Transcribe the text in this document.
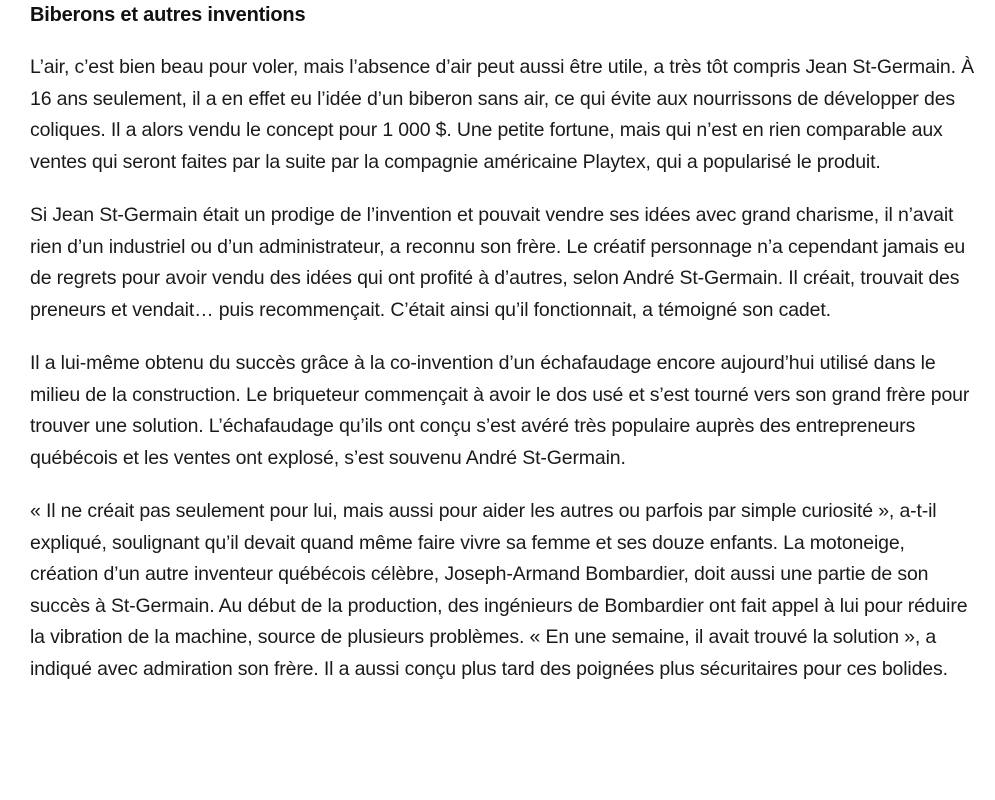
Biberons et autres inventions

L’air, c’est bien beau pour voler, mais l’absence d’air peut aussi être utile, a très tôt compris Jean St-Germain. À 16 ans seulement, il a en effet eu l’idée d’un biberon sans air, ce qui évite aux nourrissons de développer des coliques. Il a alors vendu le concept pour 1 000 $. Une petite fortune, mais qui n’est en rien comparable aux ventes qui seront faites par la suite par la compagnie américaine Playtex, qui a popularisé le produit.

Si Jean St-Germain était un prodige de l’invention et pouvait vendre ses idées avec grand charisme, il n’avait rien d’un industriel ou d’un administrateur, a reconnu son frère. Le créatif personnage n’a cependant jamais eu de regrets pour avoir vendu des idées qui ont profité à d’autres, selon André St-Germain. Il créait, trouvait des preneurs et vendait… puis recommençait. C’était ainsi qu’il fonctionnait, a témoigné son cadet.

Il a lui-même obtenu du succès grâce à la co-invention d’un échafaudage encore aujourd’hui utilisé dans le milieu de la construction. Le briqueteur commençait à avoir le dos usé et s’est tourné vers son grand frère pour trouver une solution. L’échafaudage qu’ils ont conçu s’est avéré très populaire auprès des entrepreneurs québécois et les ventes ont explosé, s’est souvenu André St-Germain.

« Il ne créait pas seulement pour lui, mais aussi pour aider les autres ou parfois par simple curiosité », a-t-il expliqué, soulignant qu’il devait quand même faire vivre sa femme et ses douze enfants. La motoneige, création d’un autre inventeur québécois célèbre, Joseph-Armand Bombardier, doit aussi une partie de son succès à St-Germain. Au début de la production, des ingénieurs de Bombardier ont fait appel à lui pour réduire la vibration de la machine, source de plusieurs problèmes. « En une semaine, il avait trouvé la solution », a indiqué avec admiration son frère. Il a aussi conçu plus tard des poignées plus sécuritaires pour ces bolides.
